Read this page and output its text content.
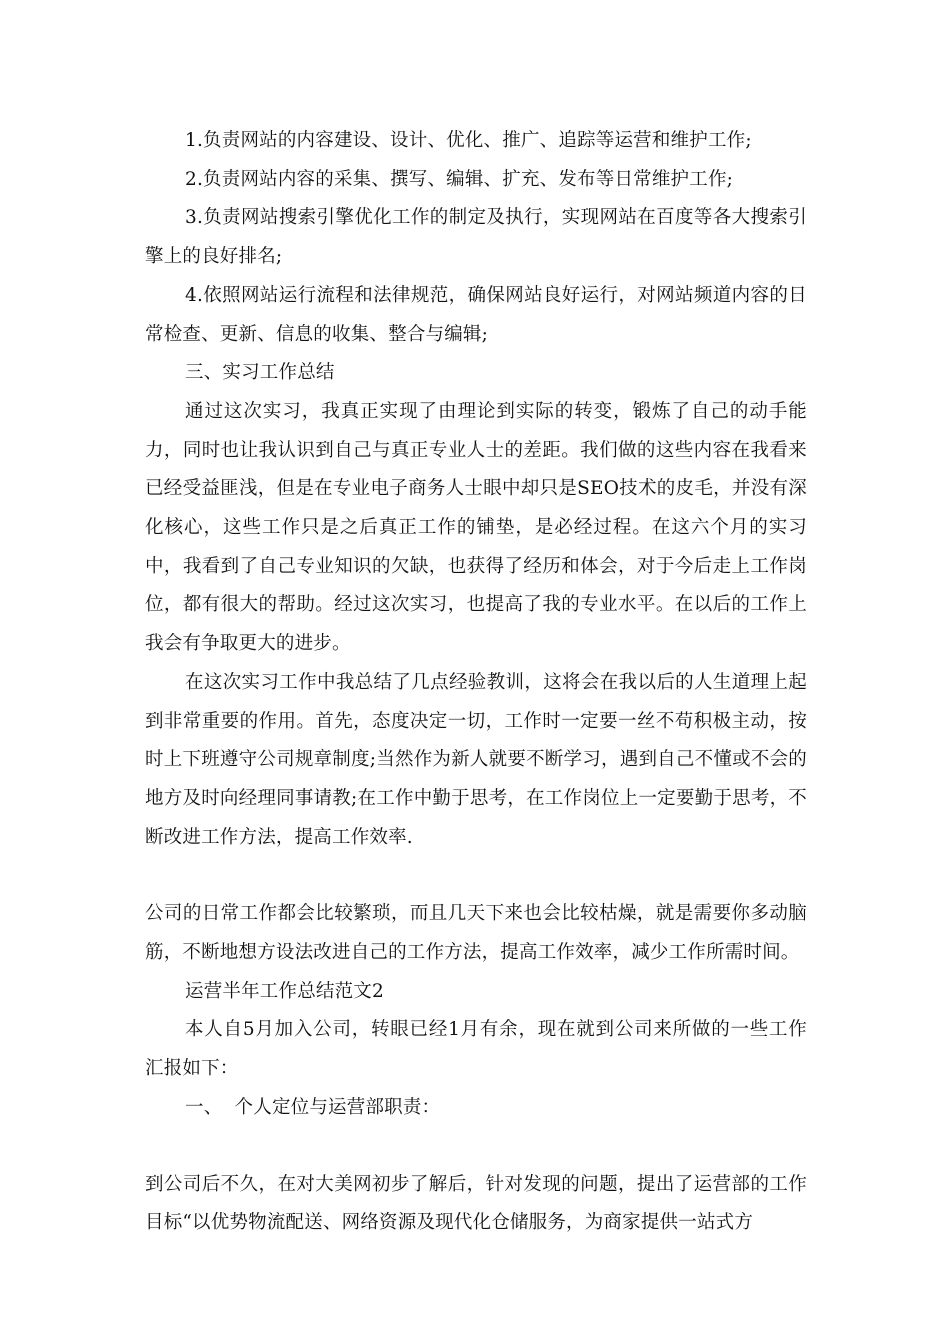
1.负责网站的内容建设、设计、优化、推广、追踪等运营和维护工作;

2.负责网站内容的采集、撰写、编辑、扩充、发布等日常维护工作;

3.负责网站搜索引擎优化工作的制定及执行，实现网站在百度等各大搜索引擎上的良好排名;

4.依照网站运行流程和法律规范，确保网站良好运行，对网站频道内容的日常检查、更新、信息的收集、整合与编辑;

三、实习工作总结

通过这次实习，我真正实现了由理论到实际的转变，锻炼了自己的动手能力，同时也让我认识到自己与真正专业人士的差距。我们做的这些内容在我看来已经受益匪浅，但是在专业电子商务人士眼中却只是SEO技术的皮毛，并没有深化核心，这些工作只是之后真正工作的铺垫，是必经过程。在这六个月的实习中，我看到了自己专业知识的欠缺，也获得了经历和体会，对于今后走上工作岗位，都有很大的帮助。经过这次实习，也提高了我的专业水平。在以后的工作上我会有争取更大的进步。

在这次实习工作中我总结了几点经验教训，这将会在我以后的人生道理上起到非常重要的作用。首先，态度决定一切，工作时一定要一丝不苟积极主动，按时上下班遵守公司规章制度;当然作为新人就要不断学习，遇到自己不懂或不会的地方及时向经理同事请教;在工作中勤于思考，在工作岗位上一定要勤于思考，不断改进工作方法，提高工作效率.

公司的日常工作都会比较繁琐，而且几天下来也会比较枯燥，就是需要你多动脑筋，不断地想方设法改进自己的工作方法，提高工作效率，减少工作所需时间。

运营半年工作总结范文2

本人自5月加入公司，转眼已经1月有余，现在就到公司来所做的一些工作汇报如下：

一、  个人定位与运营部职责：

到公司后不久，在对大美网初步了解后，针对发现的问题，提出了运营部的工作目标“以优势物流配送、网络资源及现代化仓储服务，为商家提供一站式方
